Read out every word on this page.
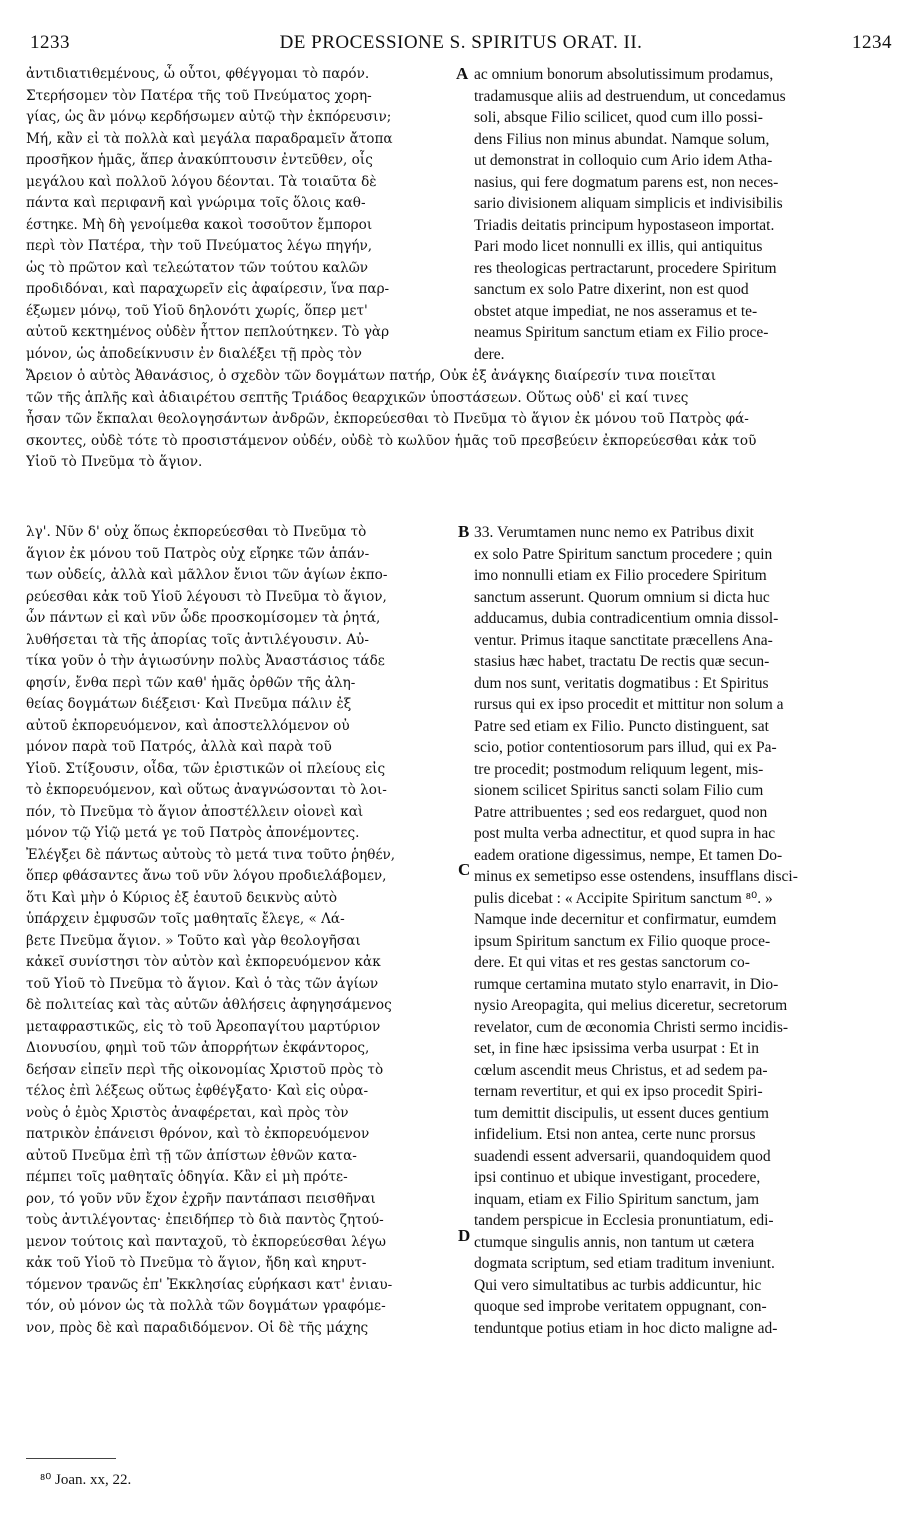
1233	DE PROCESSIONE S. SPIRITUS ORAT. II.	1234
ἀντιδιατιθεμένους, ὦ οὗτοι, φθέγγομαι τὸ παρόν.
Στερήσομεν τὸν Πατέρα τῆς τοῦ Πνεύματος χορη-
γίας, ὡς ἂν μόνῳ κερδήσωμεν αὐτῷ τὴν ἐκπόρευσιν;
Μή, κἂν εἰ τὰ πολλὰ καὶ μεγάλα παραδραμεῖν ἄτοπα
προσῆκον ἡμᾶς, ἅπερ ἀνακύπτουσιν ἐντεῦθεν, οἷς
μεγάλου καὶ πολλοῦ λόγου δέονται. Τὰ τοιαῦτα δὲ
πάντα καὶ περιφανῆ καὶ γνώριμα τοῖς ὅλοις καθ-
έστηκε. Μὴ δὴ γενοίμεθα κακοὶ τοσοῦτον ἔμποροι
περὶ τὸν Πατέρα, τὴν τοῦ Πνεύματος λέγω πηγήν,
ὡς τὸ πρῶτον καὶ τελεώτατον τῶν τούτου καλῶν
προδιδόναι, καὶ παραχωρεῖν εἰς ἀφαίρεσιν, ἵνα παρ-
έξωμεν μόνῳ, τοῦ Υἱοῦ δηλονότι χωρίς, ὅπερ μετ'
αὐτοῦ κεκτημένος οὐδὲν ἧττον πεπλούτηκεν. Τὸ γὰρ
μόνον, ὡς ἀποδείκνυσιν ἐν διαλέξει τῇ πρὸς τὸν
ac omnium bonorum absolutissimum prodamus,
tradamusque aliis ad destruendum, ut concedamus
soli, absque Filio scilicet, quod cum illo possi-
dens Filius non minus abundat. Namque solum,
ut demonstrat in colloquio cum Ario idem Atha-
nasius, qui fere dogmatum parens est, non neces-
sario divisionem aliquam simplicis et indivisibilis
Triadis deitatis principum hypostaseon importat.
Pari modo licet nonnulli ex illis, qui antiquitus
res theologicas pertractarunt, procedere Spiritum
sanctum ex solo Patre dixerint, non est quod
obstet atque impediat, ne nos asseramus et te-
neamus Spiritum sanctum etiam ex Filio proce-
dere.
Ἄρειον ὁ αὐτὸς Ἀθανάσιος, ὁ σχεδὸν τῶν δογμάτων πατήρ, Οὐκ ἐξ ἀνάγκης διαίρεσίν τινα ποιεῖται
τῶν τῆς ἁπλῆς καὶ ἀδιαιρέτου σεπτῆς Τριάδος θεαρχικῶν ὑποστάσεων. Οὕτως οὐδ' εἰ καί τινες
ἦσαν τῶν ἔκπαλαι θεολογησάντων ἀνδρῶν, ἐκπορεύεσθαι τὸ Πνεῦμα τὸ ἅγιον ἐκ μόνου τοῦ Πατρὸς φά-
σκοντες, οὐδὲ τότε τὸ προσιστάμενον οὐδέν, οὐδὲ τὸ κωλῦον ἡμᾶς τοῦ πρεσβεύειν ἐκπορεύεσθαι κἀκ τοῦ
Υἱοῦ τὸ Πνεῦμα τὸ ἅγιον.
λγ'. Νῦν δ' οὐχ ὅπως ἐκπορεύεσθαι τὸ Πνεῦμα τὸ
ἅγιον ἐκ μόνου τοῦ Πατρὸς οὐχ εἴρηκε τῶν ἁπάν-
των οὐδείς, ἀλλὰ καὶ μᾶλλον ἔνιοι τῶν ἁγίων ἐκπο-
ρεύεσθαι κἀκ τοῦ Υἱοῦ λέγουσι τὸ Πνεῦμα τὸ ἅγιον,
ὧν πάντων εἰ καὶ νῦν ὧδε προσκομίσομεν τὰ ῥητά,
λυθήσεται τὰ τῆς ἀπορίας τοῖς ἀντιλέγουσιν. Αὐ-
τίκα γοῦν ὁ τὴν ἁγιωσύνην πολὺς Ἀναστάσιος τάδε
φησίν, ἔνθα περὶ τῶν καθ' ἡμᾶς ὀρθῶν τῆς ἀλη-
θείας δογμάτων διέξεισι· Καὶ Πνεῦμα πάλιν ἐξ
αὐτοῦ ἐκπορευόμενον, καὶ ἀποστελλόμενον οὐ
μόνον παρὰ τοῦ Πατρός, ἀλλὰ καὶ παρὰ τοῦ
Υἱοῦ. Στίξουσιν, οἶδα, τῶν ἐριστικῶν οἱ πλείους εἰς
τὸ ἐκπορευόμενον, καὶ οὕτως ἀναγνώσονται τὸ λοι-
πόν, τὸ Πνεῦμα τὸ ἅγιον ἀποστέλλειν οἰονεὶ καὶ
μόνον τῷ Υἱῷ μετά γε τοῦ Πατρὸς ἀπονέμοντες.
Ἐλέγξει δὲ πάντως αὐτοὺς τὸ μετά τινα τοῦτο ῥηθέν,
ὅπερ φθάσαντες ἄνω τοῦ νῦν λόγου προδιελάβομεν,
ὅτι Καὶ μὴν ὁ Κύριος ἐξ ἑαυτοῦ δεικνὺς αὐτὸ
ὑπάρχειν ἐμφυσῶν τοῖς μαθηταῖς ἔλεγε, « Λά-
βετε Πνεῦμα ἅγιον. » Τοῦτο καὶ γὰρ θεολογῆσαι
κἀκεῖ συνίστησι τὸν αὐτὸν καὶ ἐκπορευόμενον κἀκ
τοῦ Υἱοῦ τὸ Πνεῦμα τὸ ἅγιον. Καὶ ὁ τὰς τῶν ἁγίων
δὲ πολιτείας καὶ τὰς αὐτῶν ἀθλήσεις ἀφηγησάμενος
μεταφραστικῶς, εἰς τὸ τοῦ Ἀρεοπαγίτου μαρτύριον
Διονυσίου, φημὶ τοῦ τῶν ἀπορρήτων ἐκφάντορος,
δεήσαν εἰπεῖν περὶ τῆς οἰκονομίας Χριστοῦ πρὸς τὸ
τέλος ἐπὶ λέξεως οὕτως ἐφθέγξατο· Καὶ εἰς οὐρα-
νοὺς ὁ ἐμὸς Χριστὸς ἀναφέρεται, καὶ πρὸς τὸν
πατρικὸν ἐπάνεισι θρόνον, καὶ τὸ ἐκπορευόμενον
αὐτοῦ Πνεῦμα ἐπὶ τῇ τῶν ἀπίστων ἐθνῶν κατα-
πέμπει τοῖς μαθηταῖς ὁδηγία. Κἂν εἰ μὴ πρότε-
ρον, τό γοῦν νῦν ἔχον ἐχρῆν παντάπασι πεισθῆναι
τοὺς ἀντιλέγοντας· ἐπειδήπερ τὸ διὰ παντὸς ζητού-
μενον τούτοις καὶ πανταχοῦ, τὸ ἐκπορεύεσθαι λέγω
κἀκ τοῦ Υἱοῦ τὸ Πνεῦμα τὸ ἅγιον, ἤδη καὶ κηρυτ-
τόμενον τρανῶς ἐπ' Ἐκκλησίας εὑρήκασι κατ' ἐνιαυ-
τόν, οὐ μόνον ὡς τὰ πολλὰ τῶν δογμάτων γραφόμε-
νον, πρὸς δὲ καὶ παραδιδόμενον. Οἱ δὲ τῆς μάχης
33. Verumtamen nunc nemo ex Patribus dixit
ex solo Patre Spiritum sanctum procedere ; quin
imo nonnulli etiam ex Filio procedere Spiritum
sanctum asserunt. Quorum omnium si dicta huc
adducamus, dubia contradicentium omnia dissol-
ventur. Primus itaque sanctitate præcellens Ana-
stasius hæc habet, tractatu De rectis quæ secun-
dum nos sunt, veritatis dogmatibus : Et Spiritus
rursus qui ex ipso procedit et mittitur non solum a
Patre sed etiam ex Filio. Puncto distinguent, sat
scio, potior contentiosorum pars illud, qui ex Pa-
tre procedit; postmodum reliquum legent, mis-
sionem scilicet Spiritus sancti solam Filio cum
Patre attribuentes ; sed eos redarguet, quod non
post multa verba adnectitur, et quod supra in hac
eadem oratione digessimus, nempe, Et tamen Do-
minus ex semetipso esse ostendens, insufflans disci-
pulis dicebat : « Accipite Spiritum sanctum ⁸⁰. »
Namque inde decernitur et confirmatur, eumdem
ipsum Spiritum sanctum ex Filio quoque proce-
dere. Et qui vitas et res gestas sanctorum co-
rumque certamina mutato stylo enarravit, in Dio-
nysio Areopagita, qui melius diceretur, secretorum
revelator, cum de œconomia Christi sermo incidis-
set, in fine hæc ipsissima verba usurpat : Et in
cœlum ascendit meus Christus, et ad sedem pa-
ternam revertitur, et qui ex ipso procedit Spiri-
tum demittit discipulis, ut essent duces gentium
infidelium. Etsi non antea, certe nunc prorsus
suadendi essent adversarii, quandoquidem quod
ipsi continuo et ubique investigant, procedere,
inquam, etiam ex Filio Spiritum sanctum, jam
tandem perspicue in Ecclesia pronuntiatum, edi-
ctumque singulis annis, non tantum ut cætera
dogmata scriptum, sed etiam traditum inveniunt.
Qui vero simultatibus ac turbis addicuntur, hic
quoque sed improbe veritatem oppugnant, con-
tenduntque potius etiam in hoc dicto maligne ad-
A
B
C
D
⁸⁰ Joan. xx, 22.
